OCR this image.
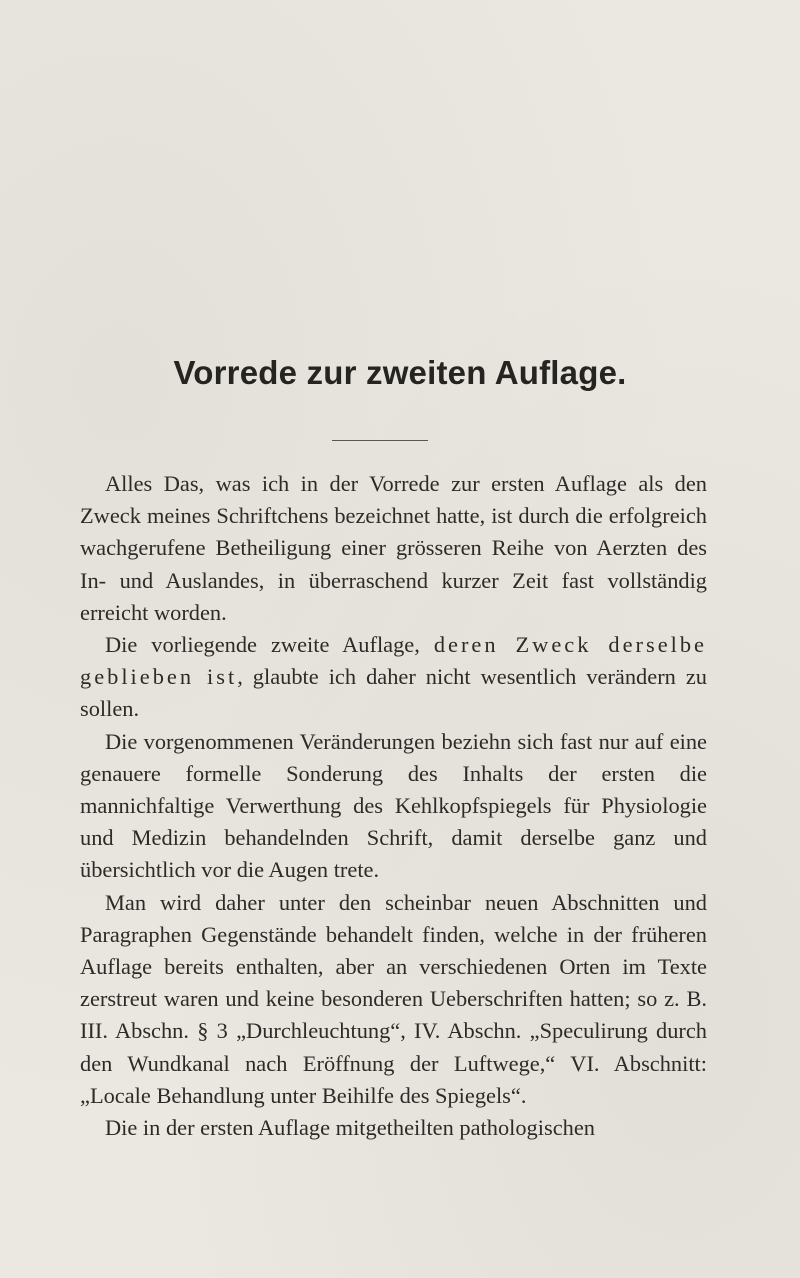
Vorrede zur zweiten Auflage.

Alles Das, was ich in der Vorrede zur ersten Auflage als den Zweck meines Schriftchens bezeichnet hatte, ist durch die erfolgreich wachgerufene Betheiligung einer grösseren Reihe von Aerzten des In- und Auslandes, in überraschend kurzer Zeit fast vollständig erreicht worden.

Die vorliegende zweite Auflage, deren Zweck derselbe geblieben ist, glaubte ich daher nicht wesentlich verändern zu sollen.

Die vorgenommenen Veränderungen beziehn sich fast nur auf eine genauere formelle Sonderung des Inhalts der ersten die mannichfaltige Verwerthung des Kehlkopfspiegels für Physiologie und Medizin behandelnden Schrift, damit derselbe ganz und übersichtlich vor die Augen trete.

Man wird daher unter den scheinbar neuen Abschnitten und Paragraphen Gegenstände behandelt finden, welche in der früheren Auflage bereits enthalten, aber an verschiedenen Orten im Texte zerstreut waren und keine besonderen Ueberschriften hatten; so z. B. III. Abschn. § 3 „Durchleuchtung“, IV. Abschn. „Speculirung durch den Wundkanal nach Eröffnung der Luftwege,“ VI. Abschnitt: „Locale Behandlung unter Beihilfe des Spiegels“.

Die in der ersten Auflage mitgetheilten pathologischen
